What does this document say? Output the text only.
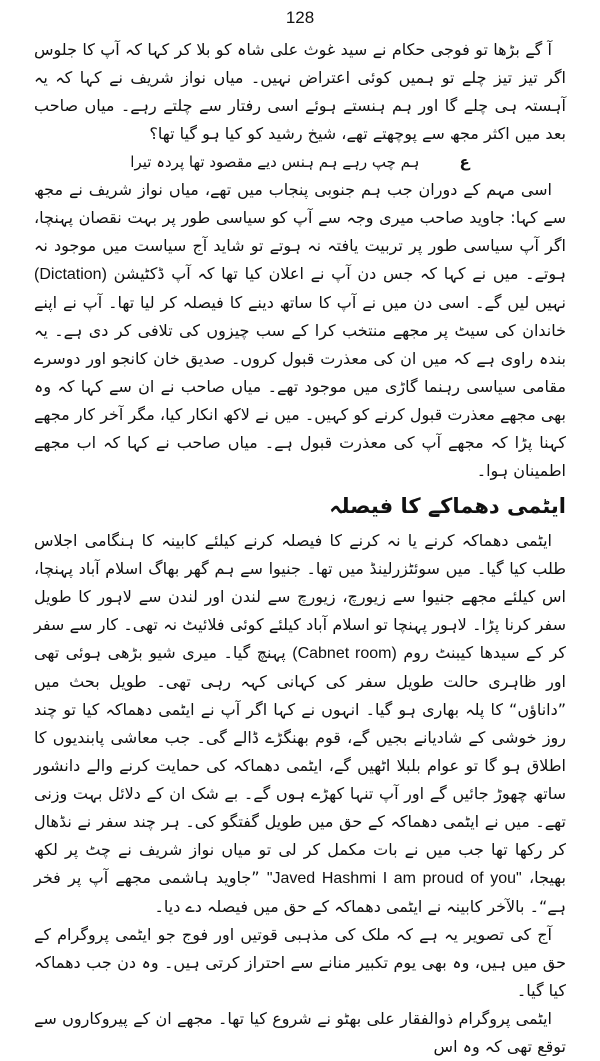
128

آ گے بڑھا تو فوجی حکام نے سید غوث علی شاہ کو بلا کر کہا کہ آپ کا جلوس اگر تیز تیز چلے تو ہمیں کوئی اعتراض نہیں۔ میاں نواز شریف نے کہا کہ یہ آہستہ ہی چلے گا اور ہم ہنستے ہوئے اسی رفتار سے چلتے رہے۔ میاں صاحب بعد میں اکثر مجھ سے پوچھتے تھے، شیخ رشید کو کیا ہو گیا تھا؟

عہم چپ رہے ہم ہنس دیے مقصود تھا پردہ تیرا

اسی مہم کے دوران جب ہم جنوبی پنجاب میں تھے، میاں نواز شریف نے مجھ سے کہا: جاوید صاحب میری وجہ سے آپ کو سیاسی طور پر بہت نقصان پہنچا، اگر آپ سیاسی طور پر تربیت یافتہ نہ ہوتے تو شاید آج سیاست میں موجود نہ ہوتے۔ میں نے کہا کہ جس دن آپ نے اعلان کیا تھا کہ آپ ڈکٹیشن (Dictation) نہیں لیں گے۔ اسی دن میں نے آپ کا ساتھ دینے کا فیصلہ کر لیا تھا۔ آپ نے اپنے خاندان کی سیٹ پر مجھے منتخب کرا کے سب چیزوں کی تلافی کر دی ہے۔ یہ بندہ راوی ہے کہ میں ان کی معذرت قبول کروں۔ صدیق خان کانجو اور دوسرے مقامی سیاسی رہنما گاڑی میں موجود تھے۔ میاں صاحب نے ان سے کہا کہ وہ بھی مجھے معذرت قبول کرنے کو کہیں۔ میں نے لاکھ انکار کیا، مگر آخر کار مجھے کہنا پڑا کہ مجھے آپ کی معذرت قبول ہے۔ میاں صاحب نے کہا کہ اب مجھے اطمینان ہوا۔

ایٹمی دھماکے کا فیصلہ

ایٹمی دھماکہ کرنے یا نہ کرنے کا فیصلہ کرنے کیلئے کابینہ کا ہنگامی اجلاس طلب کیا گیا۔ میں سوئٹزرلینڈ میں تھا۔ جنیوا سے ہم گھر بھاگ اسلام آباد پہنچا، اس کیلئے مجھے جنیوا سے زیورچ، زیورچ سے لندن اور لندن سے لاہور کا طویل سفر کرنا پڑا۔ لاہور پہنچا تو اسلام آباد کیلئے کوئی فلائیٹ نہ تھی۔ کار سے سفر کر کے سیدھا کیبنٹ روم (Cabnet room) پہنچ گیا۔ میری شیو بڑھی ہوئی تھی اور ظاہری حالت طویل سفر کی کہانی کہہ رہی تھی۔ طویل بحث میں ”داناؤں“ کا پلہ بھاری ہو گیا۔ انہوں نے کہا اگر آپ نے ایٹمی دھماکہ کیا تو چند روز خوشی کے شادیانے بجیں گے، قوم بھنگڑے ڈالے گی۔ جب معاشی پابندیوں کا اطلاق ہو گا تو عوام بلبلا اٹھیں گے، ایٹمی دھماکہ کی حمایت کرنے والے دانشور ساتھ چھوڑ جائیں گے اور آپ تنہا کھڑے ہوں گے۔ بے شک ان کے دلائل بہت وزنی تھے۔ میں نے ایٹمی دھماکہ کے حق میں طویل گفتگو کی۔ ہر چند سفر نے نڈھال کر رکھا تھا جب میں نے بات مکمل کر لی تو میاں نواز شریف نے چٹ پر لکھ بھیجا، "Javed Hashmi I am proud of you" ”جاوید ہاشمی مجھے آپ پر فخر ہے“۔ بالآخر کابینہ نے ایٹمی دھماکہ کے حق میں فیصلہ دے دیا۔

آج کی تصویر یہ ہے کہ ملک کی مذہبی قوتیں اور فوج جو ایٹمی پروگرام کے حق میں ہیں، وہ بھی یوم تکبیر منانے سے احتراز کرتی ہیں۔ وہ دن جب دھماکہ کیا گیا۔

ایٹمی پروگرام ذوالفقار علی بھٹو نے شروع کیا تھا۔ مجھے ان کے پیروکاروں سے توقع تھی کہ وہ اس
